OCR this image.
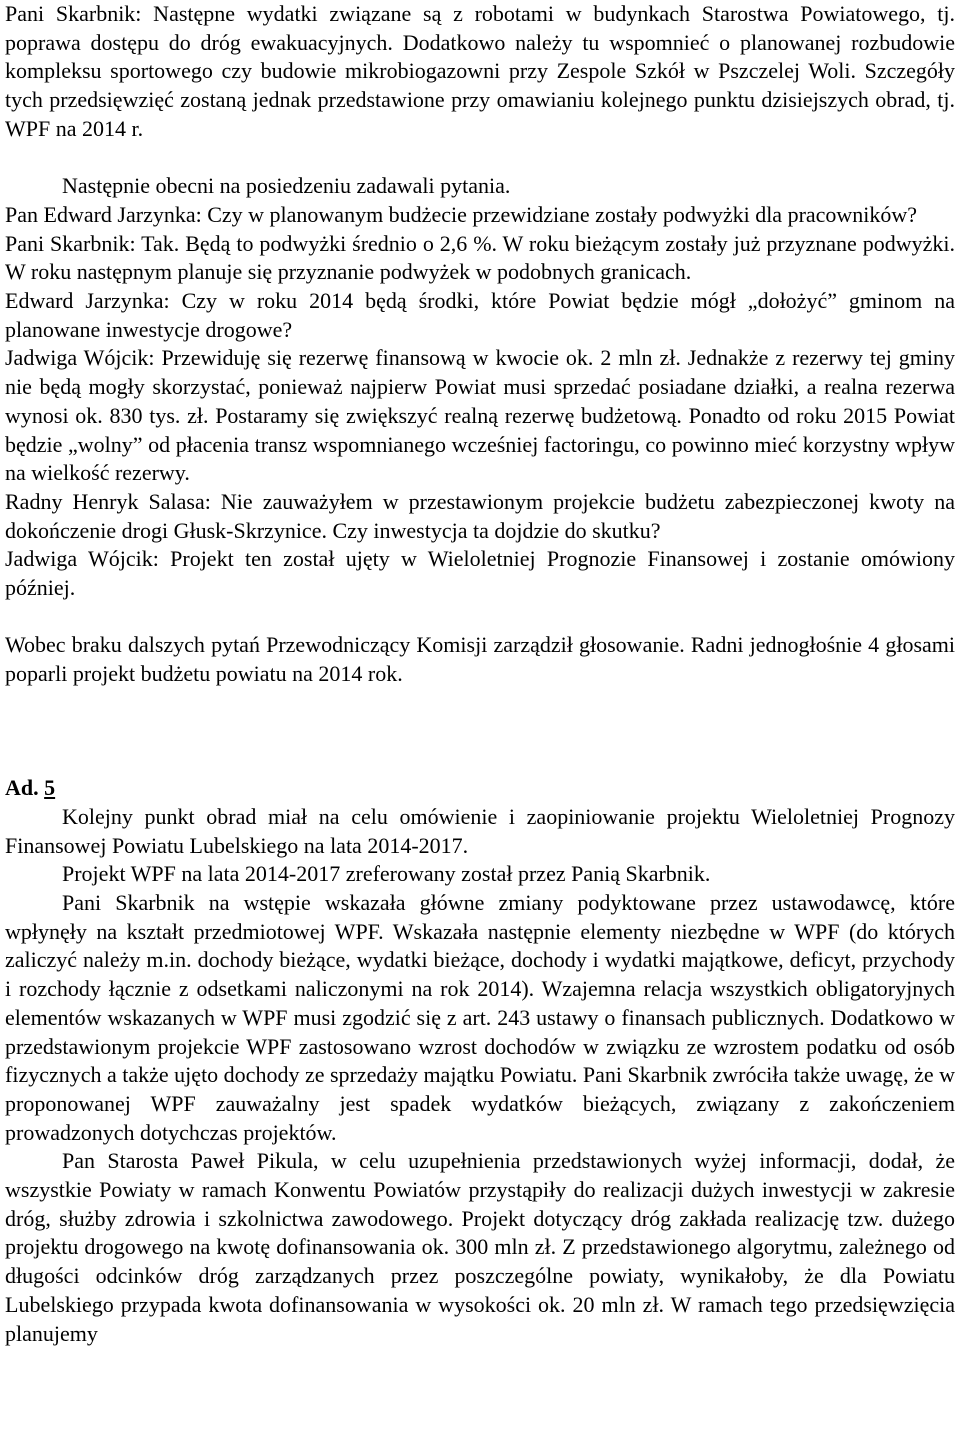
Pani Skarbnik: Następne wydatki związane są z robotami w budynkach Starostwa Powiatowego, tj. poprawa dostępu do dróg ewakuacyjnych. Dodatkowo należy tu wspomnieć o planowanej rozbudowie kompleksu sportowego czy budowie mikrobiogazowni przy Zespole Szkół w Pszczelej Woli. Szczegóły tych przedsięwzięć zostaną jednak przedstawione przy omawianiu kolejnego punktu dzisiejszych obrad, tj. WPF na 2014 r.

Następnie obecni na posiedzeniu zadawali pytania.

Pan Edward Jarzynka: Czy w planowanym budżecie przewidziane zostały podwyżki dla pracowników?

Pani Skarbnik: Tak. Będą to podwyżki średnio o 2,6 %. W roku bieżącym zostały już przyznane podwyżki. W roku następnym planuje się przyznanie podwyżek w podobnych granicach.

Edward Jarzynka: Czy w roku 2014 będą środki, które Powiat będzie mógł „dołożyć” gminom na planowane inwestycje drogowe?

Jadwiga Wójcik: Przewiduję się rezerwę finansową w kwocie ok. 2 mln zł. Jednakże z rezerwy tej gminy nie będą mogły skorzystać, ponieważ najpierw Powiat musi sprzedać posiadane działki, a realna rezerwa wynosi ok. 830 tys. zł. Postaramy się zwiększyć realną rezerwę budżetową. Ponadto od roku 2015 Powiat będzie „wolny” od płacenia transz wspomnianego wcześniej factoringu, co powinno mieć korzystny wpływ na wielkość rezerwy.

Radny Henryk Salasa: Nie zauważyłem w przestawionym projekcie budżetu zabezpieczonej kwoty na dokończenie drogi Głusk-Skrzynice. Czy inwestycja ta dojdzie do skutku?

Jadwiga Wójcik: Projekt ten został ujęty w Wieloletniej Prognozie Finansowej i zostanie omówiony później.

Wobec braku dalszych pytań Przewodniczący Komisji zarządził głosowanie. Radni jednogłośnie 4 głosami poparli projekt budżetu powiatu na 2014 rok.

Ad. 5

Kolejny punkt obrad miał na celu omówienie i zaopiniowanie projektu Wieloletniej Prognozy Finansowej Powiatu Lubelskiego na lata 2014-2017.

Projekt WPF na lata 2014-2017 zreferowany został przez Panią Skarbnik.

Pani Skarbnik na wstępie wskazała główne zmiany podyktowane przez ustawodawcę, które wpłynęły na kształt przedmiotowej WPF. Wskazała następnie elementy niezbędne w WPF (do których zaliczyć należy m.in. dochody bieżące, wydatki bieżące, dochody i wydatki majątkowe, deficyt, przychody i rozchody łącznie z odsetkami naliczonymi na rok 2014). Wzajemna relacja wszystkich obligatoryjnych elementów wskazanych w WPF musi zgodzić się z art. 243 ustawy o finansach publicznych. Dodatkowo w przedstawionym projekcie WPF zastosowano wzrost dochodów w związku ze wzrostem podatku od osób fizycznych a także ujęto dochody ze sprzedaży majątku Powiatu. Pani Skarbnik zwróciła także uwagę, że w proponowanej WPF zauważalny jest spadek wydatków bieżących, związany z zakończeniem prowadzonych dotychczas projektów.

Pan Starosta Paweł Pikula, w celu uzupełnienia przedstawionych wyżej informacji, dodał, że wszystkie Powiaty w ramach Konwentu Powiatów przystąpiły do realizacji dużych inwestycji w zakresie dróg, służby zdrowia i szkolnictwa zawodowego. Projekt dotyczący dróg zakłada realizację tzw. dużego projektu drogowego na kwotę dofinansowania ok. 300 mln zł. Z przedstawionego algorytmu, zależnego od długości odcinków dróg zarządzanych przez poszczególne powiaty, wynikałoby, że dla Powiatu Lubelskiego przypada kwota dofinansowania w wysokości ok. 20 mln zł. W ramach tego przedsięwzięcia planujemy
